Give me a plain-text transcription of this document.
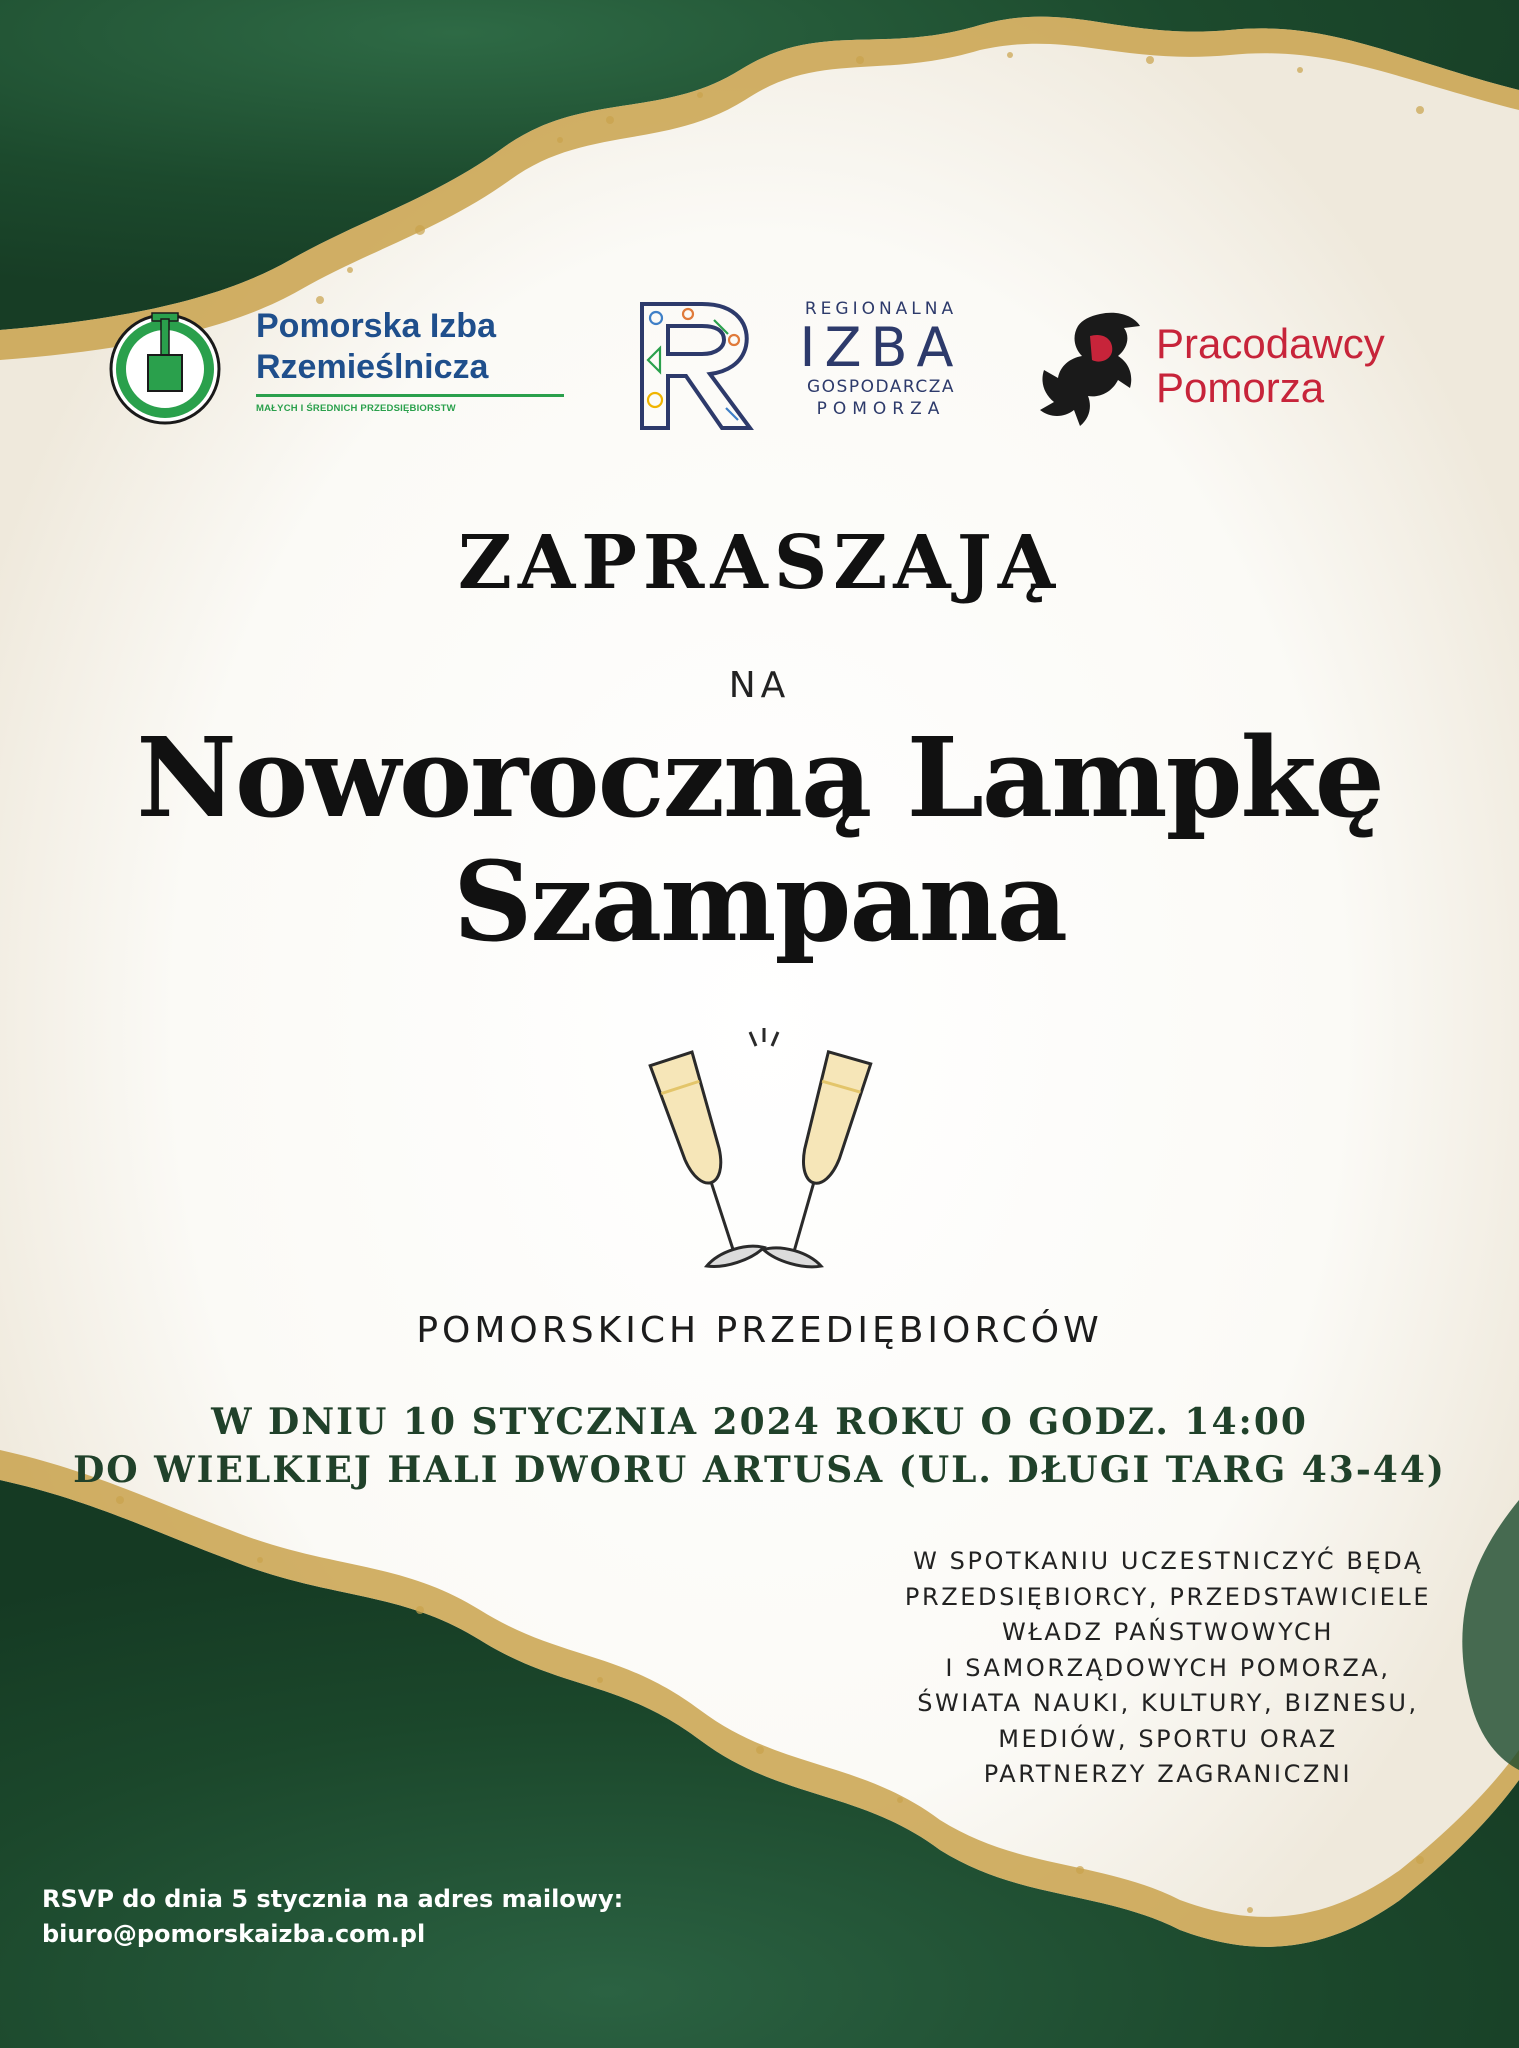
Pomorska Izba
Rzemieślnicza
MAŁYCH I ŚREDNICH PRZEDSIĘBIORSTW
REGIONALNA
IZBA
GOSPODARCZA
POMORZA
Pracodawcy
Pomorza
ZAPRASZAJĄ
NA
Noworoczną Lampkę
Szampana
POMORSKICH PRZEDIĘBIORCÓW
W DNIU 10 STYCZNIA 2024 ROKU O GODZ. 14:00
DO WIELKIEJ HALI DWORU ARTUSA (UL. DŁUGI TARG 43-44)
W SPOTKANIU UCZESTNICZYĆ BĘDĄ
PRZEDSIĘBIORCY, PRZEDSTAWICIELE
WŁADZ PAŃSTWOWYCH
I SAMORZĄDOWYCH POMORZA,
ŚWIATA NAUKI, KULTURY, BIZNESU,
MEDIÓW, SPORTU ORAZ
PARTNERZY ZAGRANICZNI
RSVP do dnia 5 stycznia na adres mailowy:
biuro@pomorskaizba.com.pl
